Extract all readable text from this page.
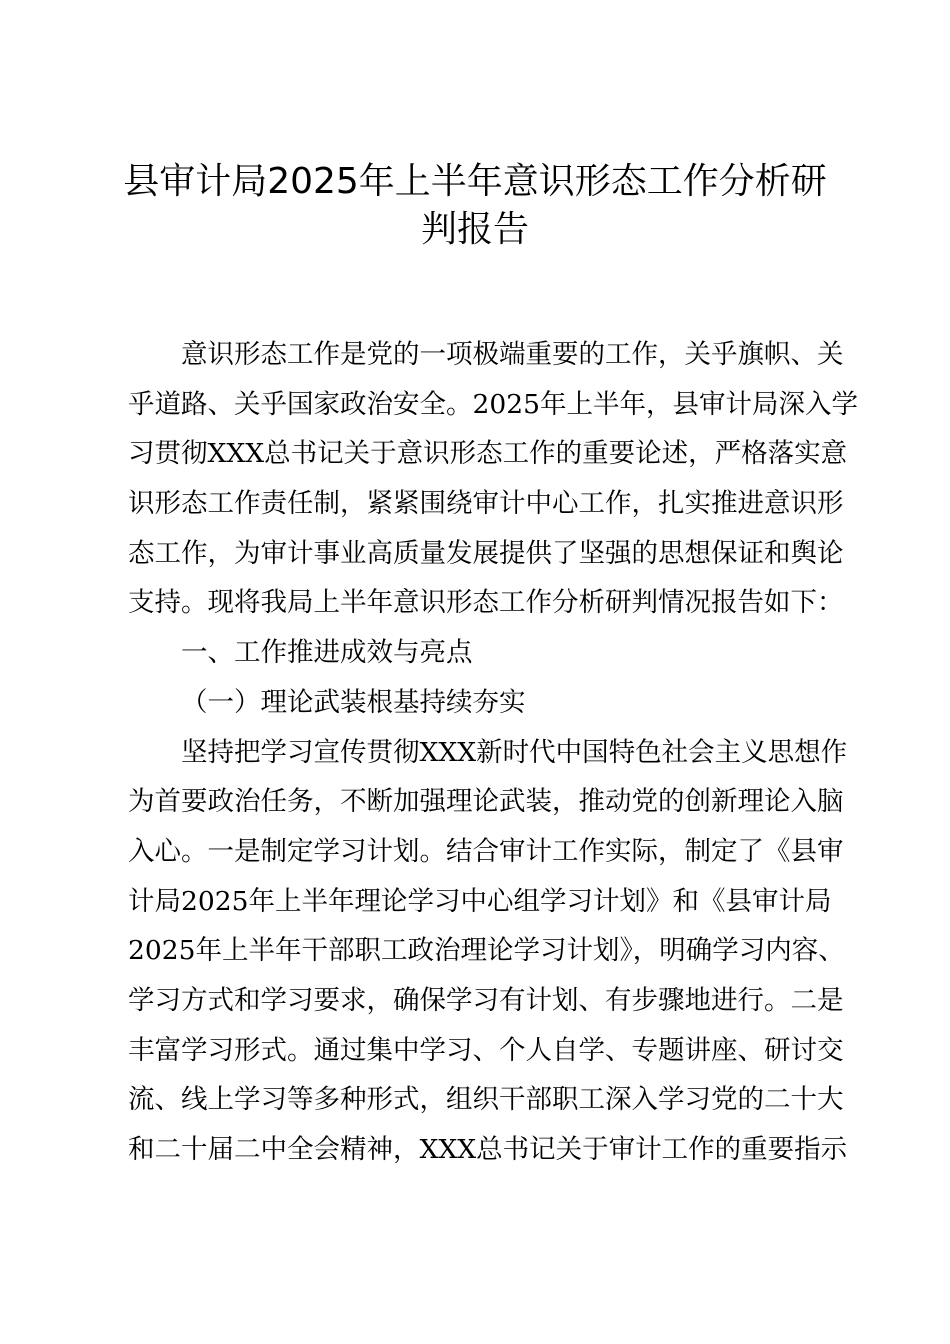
县审计局2025年上半年意识形态工作分析研
判报告
意识形态工作是党的一项极端重要的工作，关乎旗帜、关
乎道路、关乎国家政治安全。2025年上半年，县审计局深入学
习贯彻XXX总书记关于意识形态工作的重要论述，严格落实意
识形态工作责任制，紧紧围绕审计中心工作，扎实推进意识形
态工作，为审计事业高质量发展提供了坚强的思想保证和舆论
支持。现将我局上半年意识形态工作分析研判情况报告如下：
一、工作推进成效与亮点
（一）理论武装根基持续夯实
坚持把学习宣传贯彻XXX新时代中国特色社会主义思想作
为首要政治任务，不断加强理论武装，推动党的创新理论入脑
入心。一是制定学习计划。结合审计工作实际，制定了《县审
计局2025年上半年理论学习中心组学习计划》和《县审计局
2025年上半年干部职工政治理论学习计划》，明确学习内容、
学习方式和学习要求，确保学习有计划、有步骤地进行。二是
丰富学习形式。通过集中学习、个人自学、专题讲座、研讨交
流、线上学习等多种形式，组织干部职工深入学习党的二十大
和二十届二中全会精神，XXX总书记关于审计工作的重要指示
